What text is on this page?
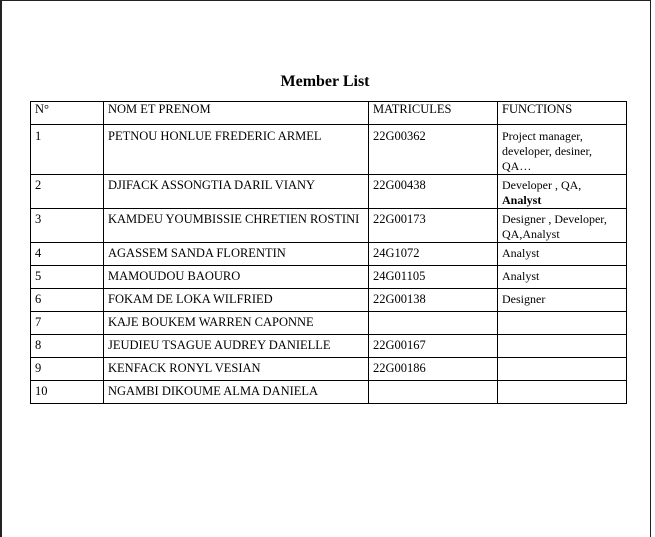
Member List
N°	NOM ET PRENOM	MATRICULES	FUNCTIONS
1	PETNOU HONLUE FREDERIC ARMEL	22G00362	Project manager, developer, desiner, QA…
2	DJIFACK ASSONGTIA DARIL VIANY	22G00438	Developer , QA, Analyst
3	KAMDEU YOUMBISSIE CHRETIEN ROSTINI	22G00173	Designer , Developer, QA,Analyst
4	AGASSEM SANDA FLORENTIN	24G1072	Analyst
5	MAMOUDOU BAOURO	24G01105	Analyst
6	FOKAM DE LOKA WILFRIED	22G00138	Designer
7	KAJE BOUKEM WARREN CAPONNE		
8	JEUDIEU TSAGUE AUDREY DANIELLE	22G00167	
9	KENFACK RONYL VESIAN	22G00186	
10	NGAMBI DIKOUME ALMA DANIELA		
